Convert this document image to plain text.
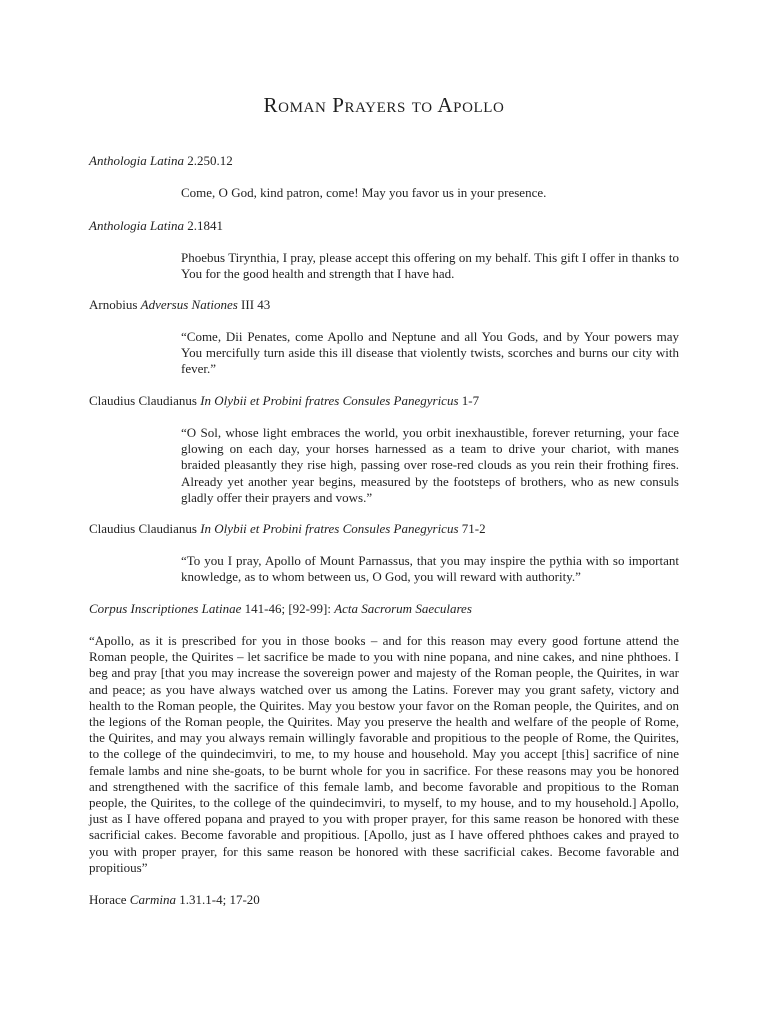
Roman Prayers to Apollo
Anthologia Latina 2.250.12

Come, O God, kind patron, come! May you favor us in your presence.

Anthologia Latina 2.1841

Phoebus Tirynthia, I pray, please accept this offering on my behalf. This gift I offer in thanks to You for the good health and strength that I have had.

Arnobius Adversus Nationes III 43

“Come, Dii Penates, come Apollo and Neptune and all You Gods, and by Your powers may You mercifully turn aside this ill disease that violently twists, scorches and burns our city with fever.”

Claudius Claudianus In Olybii et Probini fratres Consules Panegyricus 1-7

“O Sol, whose light embraces the world, you orbit inexhaustible, forever returning, your face glowing on each day, your horses harnessed as a team to drive your chariot, with manes braided pleasantly they rise high, passing over rose-red clouds as you rein their frothing fires. Already yet another year begins, measured by the footsteps of brothers, who as new consuls gladly offer their prayers and vows.”

Claudius Claudianus In Olybii et Probini fratres Consules Panegyricus 71-2

“To you I pray, Apollo of Mount Parnassus, that you may inspire the pythia with so important knowledge, as to whom between us, O God, you will reward with authority.”

Corpus Inscriptiones Latinae 141-46; [92-99]: Acta Sacrorum Saeculares

“Apollo, as it is prescribed for you in those books – and for this reason may every good fortune attend the Roman people, the Quirites – let sacrifice be made to you with nine popana, and nine cakes, and nine phthoes. I beg and pray [that you may increase the sovereign power and majesty of the Roman people, the Quirites, in war and peace; as you have always watched over us among the Latins. Forever may you grant safety, victory and health to the Roman people, the Quirites. May you bestow your favor on the Roman people, the Quirites, and on the legions of the Roman people, the Quirites. May you preserve the health and welfare of the people of Rome, the Quirites, and may you always remain willingly favorable and propitious to the people of Rome, the Quirites, to the college of the quindecimviri, to me, to my house and household. May you accept [this] sacrifice of nine female lambs and nine she-goats, to be burnt whole for you in sacrifice. For these reasons may you be honored and strengthened with the sacrifice of this female lamb, and become favorable and propitious to the Roman people, the Quirites, to the college of the quindecimviri, to myself, to my house, and to my household.] Apollo, just as I have offered popana and prayed to you with proper prayer, for this same reason be honored with these sacrificial cakes. Become favorable and propitious. [Apollo, just as I have offered phthoes cakes and prayed to you with proper prayer, for this same reason be honored with these sacrificial cakes. Become favorable and propitious”

Horace Carmina 1.31.1-4; 17-20
